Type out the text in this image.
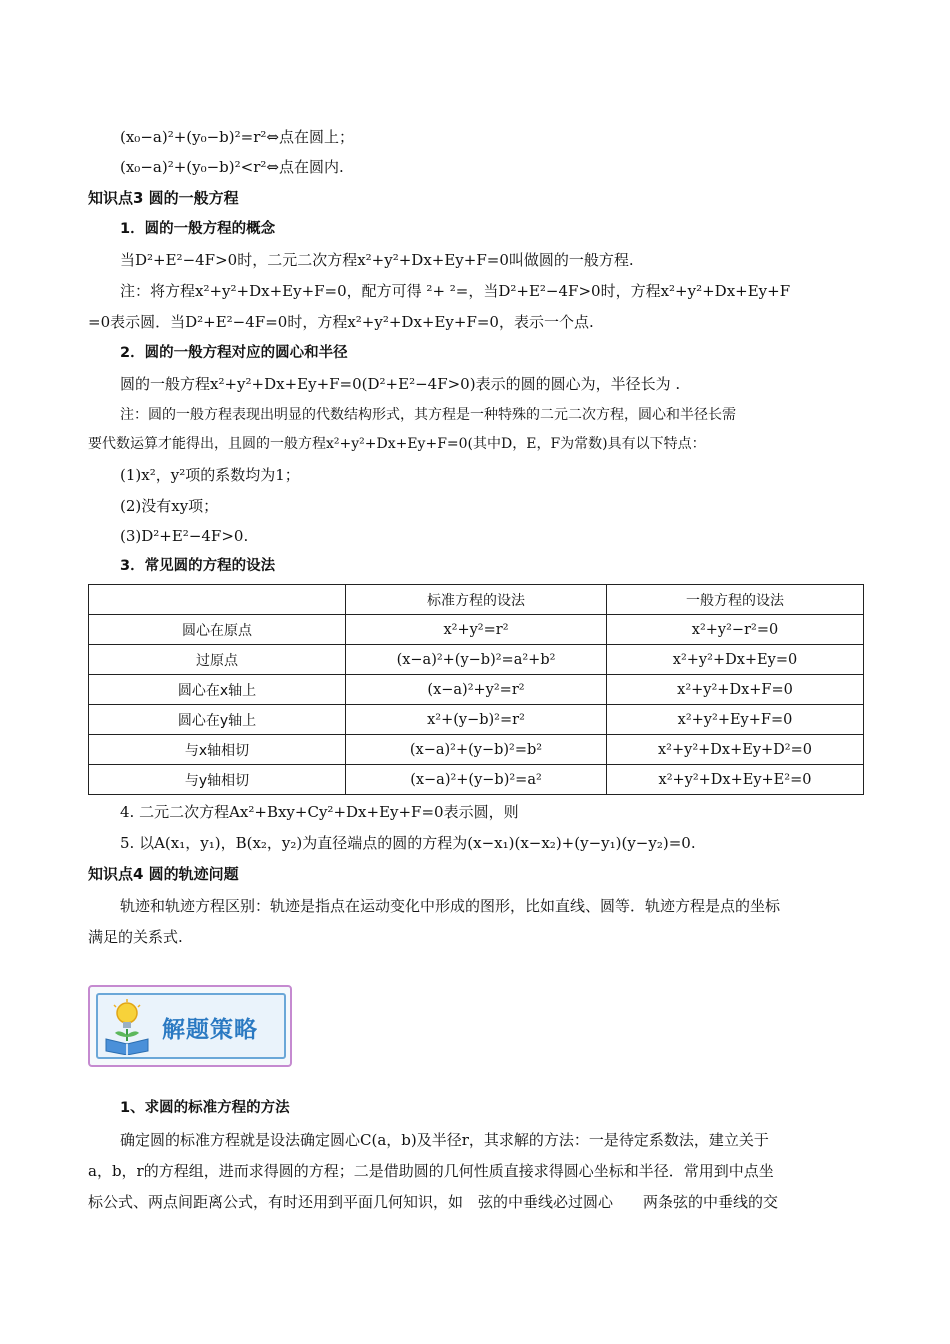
(x₀−a)²+(y₀−b)²=r²⇔点在圆上；
(x₀−a)²+(y₀−b)²<r²⇔点在圆内.
知识点3 圆的一般方程
1．圆的一般方程的概念
当D²+E²−4F>0时，二元二次方程x²+y²+Dx+Ey+F=0叫做圆的一般方程.
注：将方程x²+y²+Dx+Ey+F=0，配方可得 ²+ ²=，当D²+E²−4F>0时，方程x²+y²+Dx+Ey+F
=0表示圆．当D²+E²−4F=0时，方程x²+y²+Dx+Ey+F=0，表示一个点.
2．圆的一般方程对应的圆心和半径
圆的一般方程x²+y²+Dx+Ey+F=0(D²+E²−4F>0)表示的圆的圆心为，半径长为 .
注：圆的一般方程表现出明显的代数结构形式，其方程是一种特殊的二元二次方程，圆心和半径长需
要代数运算才能得出，且圆的一般方程x²+y²+Dx+Ey+F=0(其中D，E，F为常数)具有以下特点：
(1)x²，y²项的系数均为1；
(2)没有xy项；
(3)D²+E²−4F>0.
3．常见圆的方程的设法
	标准方程的设法	一般方程的设法
圆心在原点	x²+y²=r²	x²+y²−r²=0
过原点	(x−a)²+(y−b)²=a²+b²	x²+y²+Dx+Ey=0
圆心在x轴上	(x−a)²+y²=r²	x²+y²+Dx+F=0
圆心在y轴上	x²+(y−b)²=r²	x²+y²+Ey+F=0
与x轴相切	(x−a)²+(y−b)²=b²	x²+y²+Dx+Ey+D²=0
与y轴相切	(x−a)²+(y−b)²=a²	x²+y²+Dx+Ey+E²=0
4. 二元二次方程Ax²+Bxy+Cy²+Dx+Ey+F=0表示圆，则
5. 以A(x₁，y₁)，B(x₂，y₂)为直径端点的圆的方程为(x−x₁)(x−x₂)+(y−y₁)(y−y₂)=0.
知识点4 圆的轨迹问题
轨迹和轨迹方程区别：轨迹是指点在运动变化中形成的图形，比如直线、圆等．轨迹方程是点的坐标
满足的关系式.
解题策略
1、求圆的标准方程的方法
确定圆的标准方程就是设法确定圆心C(a，b)及半径r，其求解的方法：一是待定系数法，建立关于
a，b，r的方程组，进而求得圆的方程；二是借助圆的几何性质直接求得圆心坐标和半径．常用到中点坐
标公式、两点间距离公式，有时还用到平面几何知识，如　弦的中垂线必过圆心　　两条弦的中垂线的交
